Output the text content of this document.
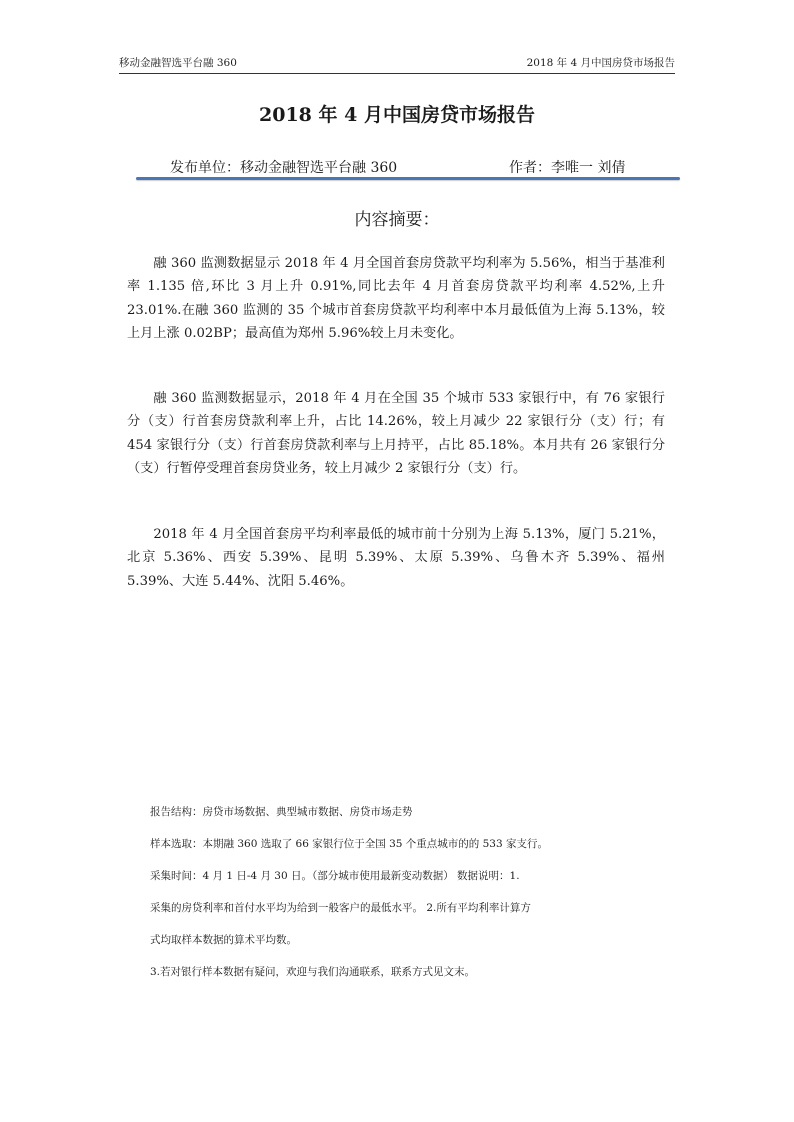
移动金融智选平台融 360	2018 年 4 月中国房贷市场报告
2018 年 4 月中国房贷市场报告
发布单位：移动金融智选平台融 360	作者：李唯一 刘倩
内容摘要：

融 360 监测数据显示 2018 年 4 月全国首套房贷款平均利率为 5.56%，相当于基准利率 1.135 倍,环比 3 月上升 0.91%,同比去年 4 月首套房贷款平均利率 4.52%,上升 23.01%.在融 360 监测的 35 个城市首套房贷款平均利率中本月最低值为上海 5.13%，较上月上涨 0.02BP；最高值为郑州 5.96%较上月未变化。

融 360 监测数据显示，2018 年 4 月在全国 35 个城市 533 家银行中，有 76 家银行分（支）行首套房贷款利率上升，占比 14.26%，较上月减少 22 家银行分（支）行；有 454 家银行分（支）行首套房贷款利率与上月持平，占比 85.18%。本月共有 26 家银行分（支）行暂停受理首套房贷业务，较上月减少 2 家银行分（支）行。

2018 年 4 月全国首套房平均利率最低的城市前十分别为上海 5.13%，厦门 5.21%，北京 5.36%、西安 5.39%、昆明 5.39%、太原 5.39%、乌鲁木齐 5.39%、福州 5.39%、大连 5.44%、沈阳 5.46%。

报告结构：房贷市场数据、典型城市数据、房贷市场走势

样本选取：本期融 360 选取了 66 家银行位于全国 35 个重点城市的的 533 家支行。

采集时间：4 月 1 日-4 月 30 日。（部分城市使用最新变动数据） 数据说明：1.

采集的房贷利率和首付水平均为给到一般客户的最低水平。 2.所有平均利率计算方

式均取样本数据的算术平均数。

3.若对银行样本数据有疑问，欢迎与我们沟通联系，联系方式见文末。
